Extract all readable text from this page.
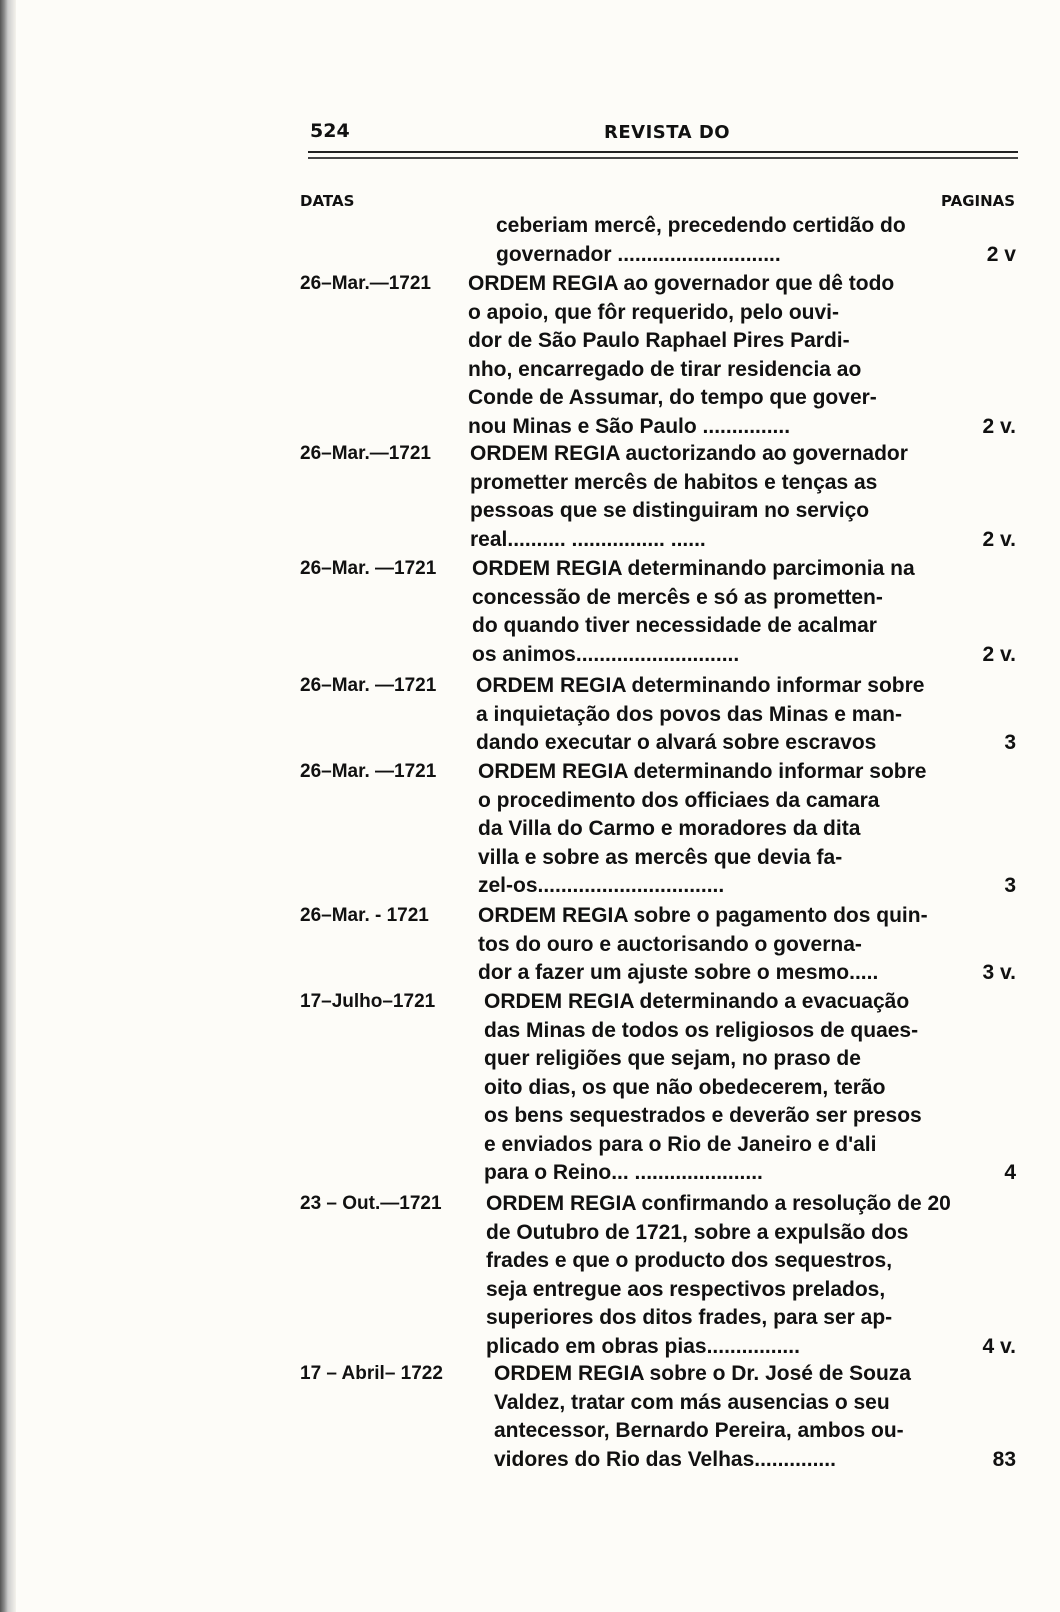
524	REVISTA DO
DATAS	PAGINAS
ceberiam mercê, precedendo certidão do
governador ............................	2 v
26–Mar.—1721	ORDEM REGIA ao governador que dê todo
o apoio, que fôr requerido, pelo ouvi-
dor de São Paulo Raphael Pires Pardi-
nho, encarregado de tirar residencia ao
Conde de Assumar, do tempo que gover-
nou Minas e São Paulo ...............	2 v.
26–Mar.—1721	ORDEM REGIA auctorizando ao governador
prometter mercês de habitos e tenças as
pessoas que se distinguiram no serviço
real.......... ................ ......	2 v.
26–Mar. —1721	ORDEM REGIA determinando parcimonia na
concessão de mercês e só as prometten-
do quando tiver necessidade de acalmar
os animos............................	2 v.
26–Mar. —1721	ORDEM REGIA determinando informar sobre
a inquietação dos povos das Minas e man-
dando executar o alvará sobre escravos	3
26–Mar. —1721	ORDEM REGIA determinando informar sobre
o procedimento dos officiaes da camara
da Villa do Carmo e moradores da dita
villa e sobre as mercês que devia fa-
zel-os................................	3
26–Mar. - 1721	ORDEM REGIA sobre o pagamento dos quin-
tos do ouro e auctorisando o governa-
dor a fazer um ajuste sobre o mesmo.....	3 v.
17–Julho–1721	ORDEM REGIA determinando a evacuação
das Minas de todos os religiosos de quaes-
quer religiões que sejam, no praso de
oito dias, os que não obedecerem, terão
os bens sequestrados e deverão ser presos
e enviados para o Rio de Janeiro e d'ali
para o Reino... ......................	4
23 – Out.—1721	ORDEM REGIA confirmando a resolução de 20
de Outubro de 1721, sobre a expulsão dos
frades e que o producto dos sequestros,
seja entregue aos respectivos prelados,
superiores dos ditos frades, para ser ap-
plicado em obras pias................	4 v.
17 – Abril– 1722	ORDEM REGIA sobre o Dr. José de Souza
Valdez, tratar com más ausencias o seu
antecessor, Bernardo Pereira, ambos ou-
vidores do Rio das Velhas..............	83
